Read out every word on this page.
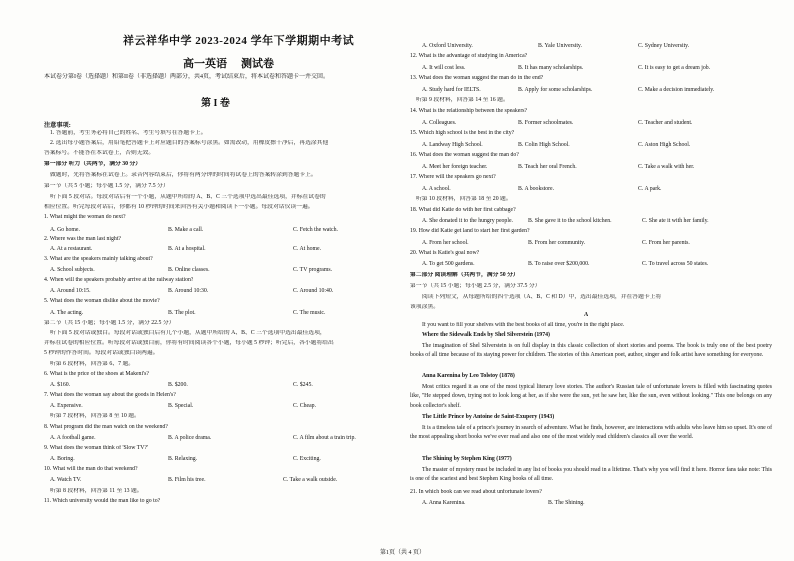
祥云祥华中学 2023-2024 学年下学期期中考试
高一英语 测试卷
本试卷分第I卷（选择题）和第II卷（非选择题）两部分，共4页，考试结束后，将本试卷和答题卡一并交回。
第 I 卷
注意事项:
1. 答题前，考生务必将自己的姓名、考生号填写在答题卡上。
2. 选出每小题答案后，用铅笔把答题卡上对应题目的答案标号涂黑。如需改动，用橡皮擦干净后，再选涂其他
答案标号。不能答在本试卷上，否则无效。
第一部分 听力（共两节，满分 30 分）
做题时，先将答案标在试卷上。录音内容结束后，你将有两分钟的时间将试卷上的答案转涂到答题卡上。
第一节（共 5 小题；每小题 1.5 分，满分 7.5 分）
听下面 5 段对话。每段对话后有一个小题，从题中所给的 A、B、C 三个选项中选出最佳选项，并标在试卷的
相应位置。听完每段对话后，你都有 10 秒钟的时间来回答有关小题和阅读下一小题。每段对话仅读一遍。
1. What might the woman do next?
A. Go home.	B. Make a call.	C. Fetch the watch.
2. Where was the man last night?
A. At a restaurant.	B. At a hospital.	C. At home.
3. What are the speakers mainly talking about?
A. School subjects.	B. Online classes.	C. TV programs.
4. When will the speakers probably arrive at the railway station?
A. Around 10:15.	B. Around 10:30.	C. Around 10:40.
5. What does the woman dislike about the movie?
A. The acting.	B. The plot.	C. The music.
第二节（共 15 小题；每小题 1.5 分，满分 22.5 分）
听下面 5 段对话或独白。每段对话或独白后有几个小题，从题中所给的 A、B、C 三个选项中选出最佳选项，
并标在试卷的相应位置。听每段对话或独白前，你将有时间阅读各个小题，每小题 5 秒钟；听完后，各小题将给出
5 秒钟的作答时间。每段对话或独白读两遍。
听第 6 段材料，回答第 6、7 题。
6. What is the price of the shoes at Makeni's?
A. $160.	B. $200.	C. $245.
7. What does the woman say about the goods in Helen's?
A. Expensive.	B. Special.	C. Cheap.
听第 7 段材料，回答第 8 至 10 题。
8. What program did the man watch on the weekend?
A. A football game.	B. A police drama.	C. A film about a train trip.
9. What does the woman think of 'Slow TV?'
A. Boring.	B. Relaxing.	C. Exciting.
10. What will the man do that weekend?
A. Watch TV.	B. Film his tree.	C. Take a walk outside.
听第 8 段材料，回答第 11 至 13 题。
11. Which university would the man like to go to?
A. Oxford University.	B. Yale University.	C. Sydney University.
12. What is the advantage of studying in America?
A. It will cost less.	B. It has many scholarships.	C. It is easy to get a dream job.
13. What does the woman suggest the man do in the end?
A. Study hard for IELTS.	B. Apply for some scholarships.	C. Make a decision immediately.
听第 9 段材料，回答第 14 至 16 题。
14. What is the relationship between the speakers?
A. Colleagues.	B. Former schoolmates.	C. Teacher and student.
15. Which high school is the best in the city?
A. Landway High School.	B. Colin High School.	C. Aston High School.
16. What does the woman suggest the man do?
A. Meet her foreign teacher.	B. Teach her oral French.	C. Take a walk with her.
17. Where will the speakers go next?
A. A school.	B. A bookstore.	C. A park.
听第 10 段材料，回答第 18 至 20 题。
18. What did Katie do with her first cabbage?
A. She donated it to the hungry people.	B. She gave it to the school kitchen.	C. She ate it with her family.
19. How did Katie get land to start her first garden?
A. From her school.	B. From her community.	C. From her parents.
20. What is Katie's goal now?
A. To get 500 gardens.	B. To raise over $200,000.	C. To travel across 50 states.
第二部分 阅读理解（共两节，满分 50 分）
第一节（共 15 小题；每小题 2.5 分，满分 37.5 分）
阅读下列短文，从每题所给的四个选项（A、B、C 和 D）中，选出最佳选项，并在答题卡上将
该项涂黑。
A
If you want to fill your shelves with the best books of all time, you're in the right place.
Where the Sidewalk Ends by Shel Silverstein (1974)
The imagination of Shel Silverstein is on full display in this classic collection of short stories and poems. The book is truly one of the best poetry books of all time because of its staying power for children. The stories of this American poet, author, singer and folk artist have something for everyone.
Anna Karenina by Leo Tolstoy (1878)
Most critics regard it as one of the most typical literary love stories. The author's Russian tale of unfortunate lovers is filled with fascinating quotes like, "He stepped down, trying not to look long at her, as if she were the sun, yet he saw her, like the sun, even without looking." This one belongs on any book collector's shelf.
The Little Prince by Antoine de Saint-Exupery (1943)
It is a timeless tale of a prince's journey in search of adventure. What he finds, however, are interactions with adults who leave him so upset. It's one of the most appealing short books we've ever read and also one of the most widely read children's classics all over the world.
The Shining by Stephen King (1977)
The master of mystery must be included in any list of books you should read in a lifetime. That's why you will find it here. Horror fans take note: This is one of the scariest and best Stephen King books of all time.
21. In which book can we read about unfortunate lovers?
A. Anna Karenina.	B. The Shining.
第1页（共 4 页）
